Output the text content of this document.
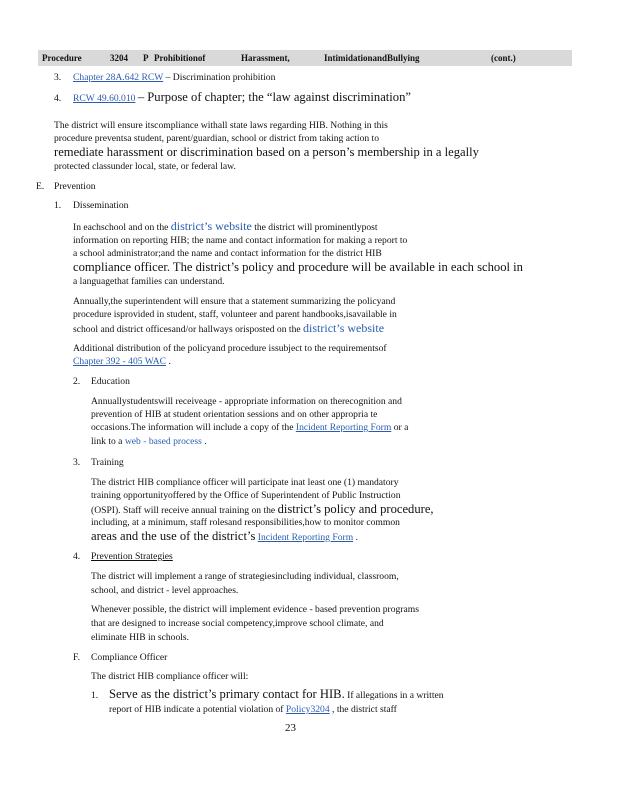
Procedure	3204 P Prohibitionof	Harassment,	IntimidationandBullying	(cont.)
3. Chapter 28A.642 RCW – Discrimination prohibition
4. RCW 49.60.010 – Purpose of chapter; the “law against discrimination”
The district will ensure itscompliance withall state laws regarding HIB. Nothing in this
procedure preventsa student, parent/guardian, school or district from taking action to
remediate harassment or discrimination based on a person’s membership in a legally
protected classunder local, state, or federal law.
E. Prevention
1. Dissemination
In eachschool and on the district’s website the district will prominentlypost
information on reporting HIB; the name and contact information for making a report to
a school administrator;and the name and contact information for the district HIB
compliance officer. The district’s policy and procedure will be available in each school in
a languagethat families can understand.
Annually,the superintendent will ensure that a statement summarizing the policyand
procedure isprovided in student, staff, volunteer and parent handbooks,isavailable in
school and district officesand/or hallways orisposted on the district’s website
Additional distribution of the policyand procedure issubject to the requirementsof
Chapter 392 - 405 WAC .
2. Education
Annuallystudentswill receiveage - appropriate information on therecognition and
prevention of HIB at student orientation sessions and on other appropria te
occasions.The information will include a copy of the Incident Reporting Form or a
link to a web - based process .
3. Training
The district HIB compliance officer will participate inat least one (1) mandatory
training opportunityoffered by the Office of Superintendent of Public Instruction
(OSPI). Staff will receive annual training on the district’s policy and procedure,
including, at a minimum, staff rolesand responsibilities,how to monitor common
areas and the use of the district’s Incident Reporting Form .
4. Prevention Strategies
The district will implement a range of strategiesincluding individual, classroom,
school, and district - level approaches.
Whenever possible, the district will implement evidence - based prevention programs
that are designed to increase social competency,improve school climate, and
eliminate HIB in schools.
F. Compliance Officer
The district HIB compliance officer will:
1. Serve as the district’s primary contact for HIB. If allegations in a written
report of HIB indicate a potential violation of Policy3204 , the district staff
23
